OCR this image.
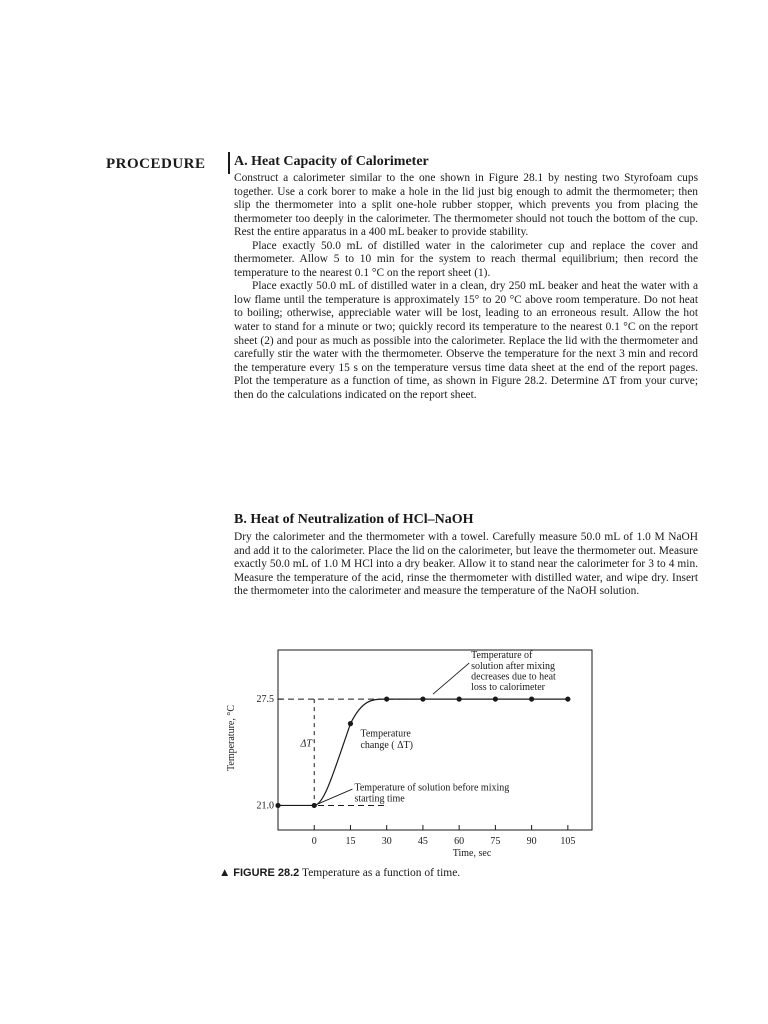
PROCEDURE A. Heat Capacity of Calorimeter

Construct a calorimeter similar to the one shown in Figure 28.1 by nesting two Styrofoam cups together. Use a cork borer to make a hole in the lid just big enough to admit the thermometer; then slip the thermometer into a split one-hole rubber stopper, which prevents you from placing the thermometer too deeply in the calorimeter. The thermometer should not touch the bottom of the cup. Rest the entire apparatus in a 400 mL beaker to provide stability.

Place exactly 50.0 mL of distilled water in the calorimeter cup and replace the cover and thermometer. Allow 5 to 10 min for the system to reach thermal equilibrium; then record the temperature to the nearest 0.1 °C on the report sheet (1).

Place exactly 50.0 mL of distilled water in a clean, dry 250 mL beaker and heat the water with a low flame until the temperature is approximately 15° to 20 °C above room temperature. Do not heat to boiling; otherwise, appreciable water will be lost, leading to an erroneous result. Allow the hot water to stand for a minute or two; quickly record its temperature to the nearest 0.1 °C on the report sheet (2) and pour as much as possible into the calorimeter. Replace the lid with the thermometer and carefully stir the water with the thermometer. Observe the temperature for the next 3 min and record the temperature every 15 s on the temperature versus time data sheet at the end of the report pages. Plot the temperature as a function of time, as shown in Figure 28.2. Determine ΔT from your curve; then do the calculations indicated on the report sheet.

B. Heat of Neutralization of HCl–NaOH

Dry the calorimeter and the thermometer with a towel. Carefully measure 50.0 mL of 1.0 M NaOH and add it to the calorimeter. Place the lid on the calorimeter, but leave the thermometer out. Measure exactly 50.0 mL of 1.0 M HCl into a dry beaker. Allow it to stand near the calorimeter for 3 to 4 min. Measure the temperature of the acid, rinse the thermometer with distilled water, and wipe dry. Insert the thermometer into the calorimeter and measure the temperature of the NaOH solution.

0	15	30	45	60	75	90 105
21.0
27.5
Temperature, °C
Time, sec
ΔT
Temperature
change ( ΔT)
Temperature of
solution after mixing
decreases due to heat
loss to calorimeter
Temperature of solution before mixing
starting time
▲ FIGURE 28.2 Temperature as a function of time.
